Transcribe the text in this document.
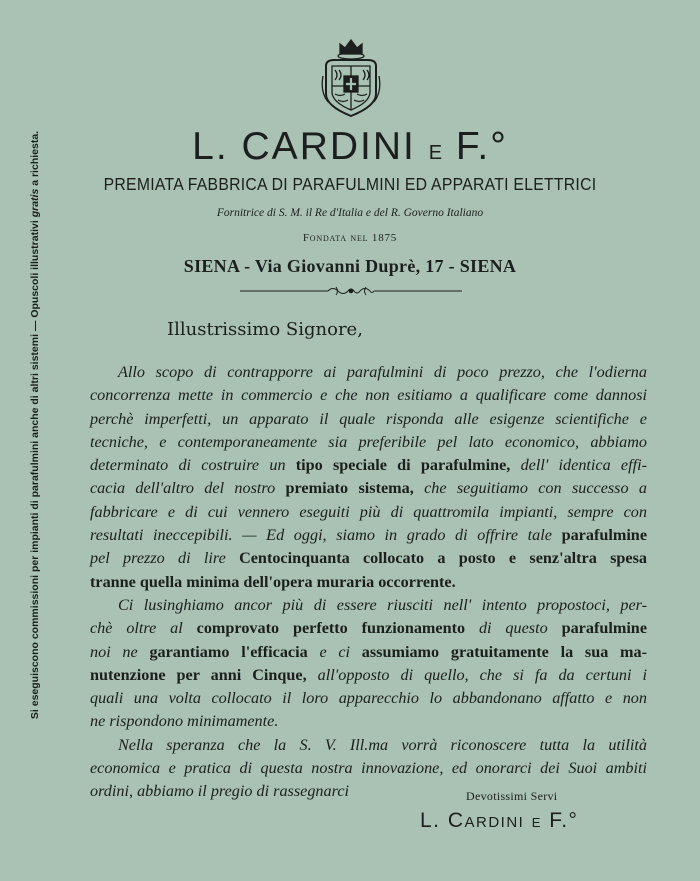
Si eseguiscono commissioni per impianti di parafulmini anche di altri sistemi — Opuscoli illustrativi gratis a richiesta.	L. CARDINI E F.°
PREMIATA FABBRICA DI PARAFULMINI ED APPARATI ELETTRICI
Fornitrice di S. M. il Re d'Italia e del R. Governo Italiano
Fondata nel 1875
SIENA - Via Giovanni Duprè, 17 - SIENA
Illustrissimo Signore,
Allo scopo di contrapporre ai parafulmini di poco prezzo, che l'odierna
concorrenza mette in commercio e che non esitiamo a qualificare come dannosi
perchè imperfetti, un apparato il quale risponda alle esigenze scientifiche e
tecniche, e contemporaneamente sia preferibile pel lato economico, abbiamo
determinato di costruire un tipo speciale di parafulmine, dell' identica effi-
cacia dell'altro del nostro premiato sistema, che seguitiamo con successo a
fabbricare e di cui vennero eseguiti più di quattromila impianti, sempre con
resultati ineccepibili. — Ed oggi, siamo in grado di offrire tale parafulmine
pel prezzo di lire Centocinquanta collocato a posto e senz'altra spesa
tranne quella minima dell'opera muraria occorrente.
Ci lusinghiamo ancor più di essere riusciti nell' intento propostoci, per-
chè oltre al comprovato perfetto funzionamento di questo parafulmine
noi ne garantiamo l'efficacia e ci assumiamo gratuitamente la sua ma-
nutenzione per anni Cinque, all'opposto di quello, che si fa da certuni i
quali una volta collocato il loro apparecchio lo abbandonano affatto e non
ne rispondono minimamente.
Nella speranza che la S. V. Ill.ma vorrà riconoscere tutta la utilità
economica e pratica di questa nostra innovazione, ed onorarci dei Suoi ambiti
ordini, abbiamo il pregio di rassegnarci	Devotissimi Servi
L. Cardini E F.°
